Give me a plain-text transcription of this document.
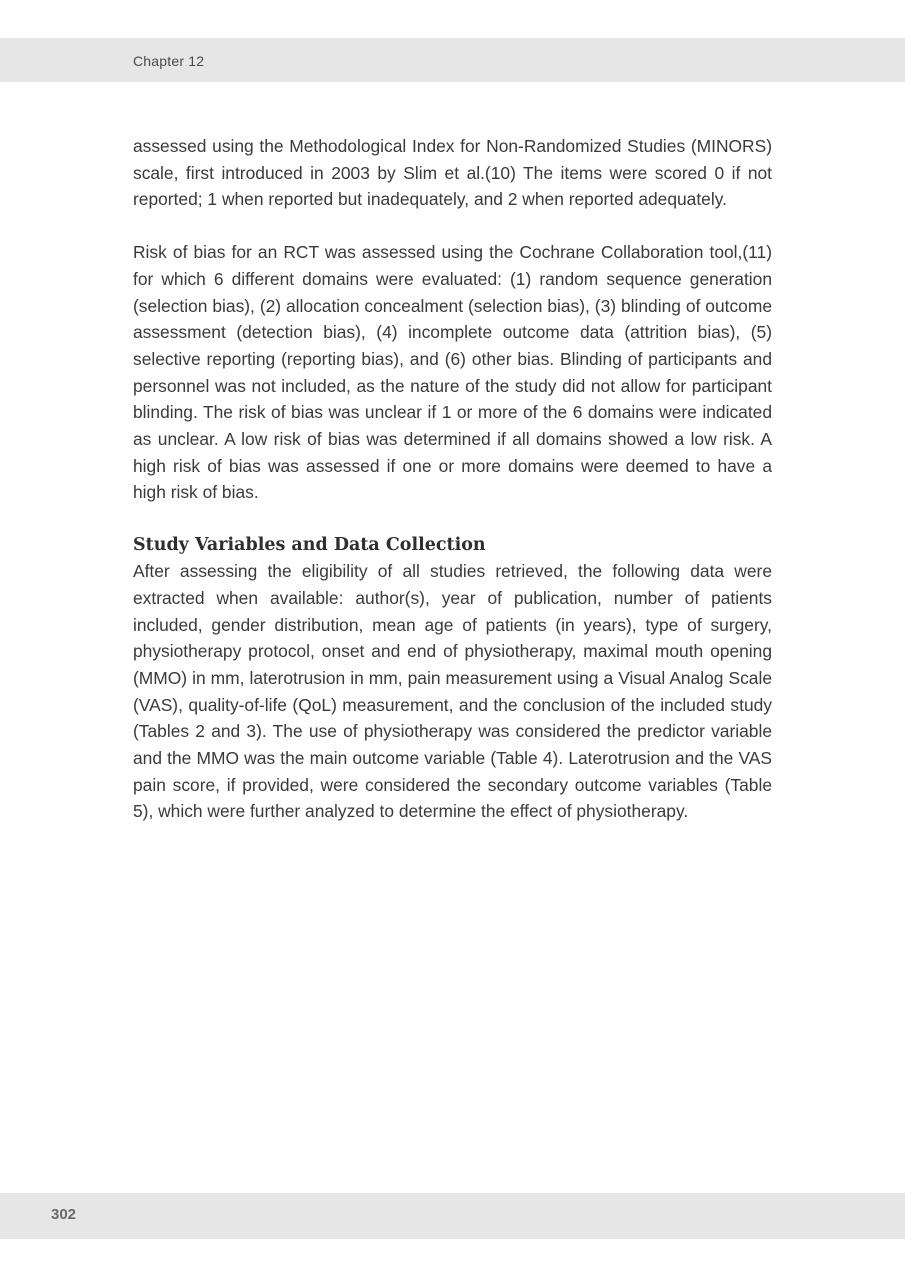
Chapter 12

assessed using the Methodological Index for Non-Randomized Studies (MINORS) scale, first introduced in 2003 by Slim et al.(10) The items were scored 0 if not reported; 1 when reported but inadequately, and 2 when reported adequately.

Risk of bias for an RCT was assessed using the Cochrane Collaboration tool,(11) for which 6 different domains were evaluated: (1) random sequence generation (selection bias), (2) allocation concealment (selection bias), (3) blinding of outcome assessment (detection bias), (4) incomplete outcome data (attrition bias), (5) selective reporting (reporting bias), and (6) other bias. Blinding of participants and personnel was not included, as the nature of the study did not allow for participant blinding. The risk of bias was unclear if 1 or more of the 6 domains were indicated as unclear. A low risk of bias was determined if all domains showed a low risk. A high risk of bias was assessed if one or more domains were deemed to have a high risk of bias.

Study Variables and Data Collection

After assessing the eligibility of all studies retrieved, the following data were extracted when available: author(s), year of publication, number of patients included, gender distribution, mean age of patients (in years), type of surgery, physiotherapy protocol, onset and end of physiotherapy, maximal mouth opening (MMO) in mm, laterotrusion in mm, pain measurement using a Visual Analog Scale (VAS), quality-of-life (QoL) measurement, and the conclusion of the included study (Tables 2 and 3). The use of physiotherapy was considered the predictor variable and the MMO was the main outcome variable (Table 4). Laterotrusion and the VAS pain score, if provided, were considered the secondary outcome variables (Table 5), which were further analyzed to determine the effect of physiotherapy.

302
